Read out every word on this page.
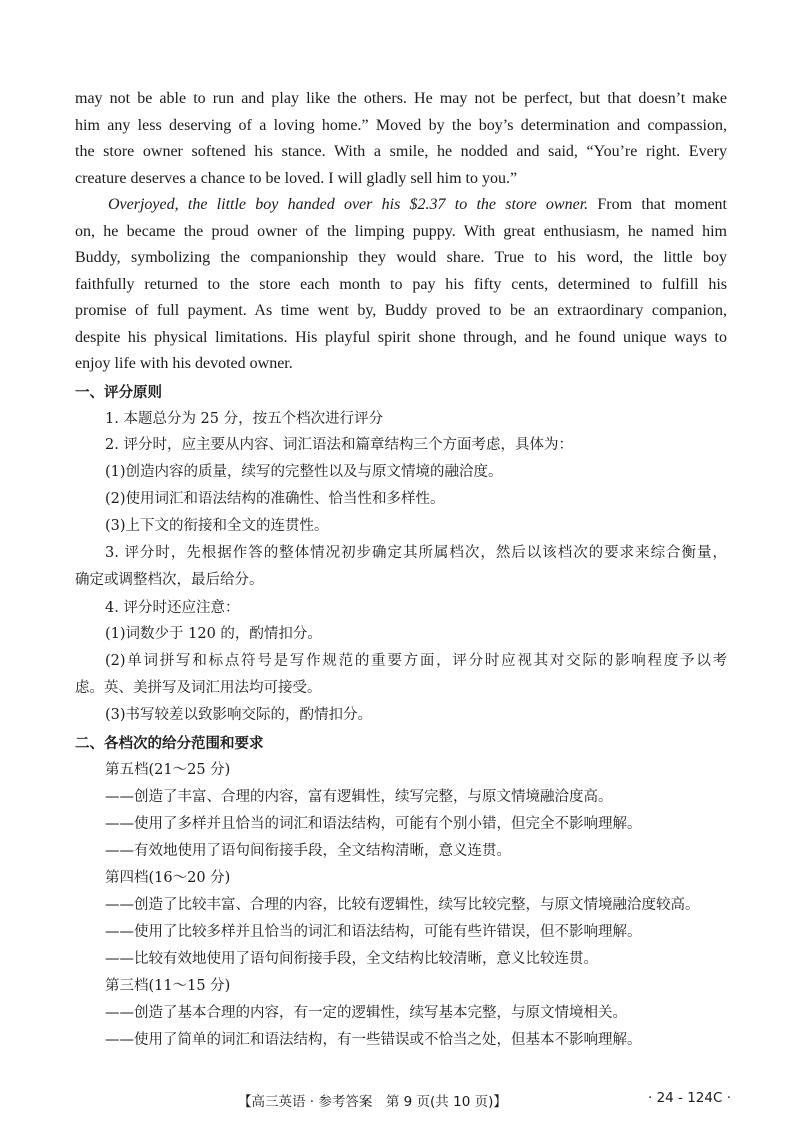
may not be able to run and play like the others. He may not be perfect, but that doesn’t make
him any less deserving of a loving home.” Moved by the boy’s determination and compassion,
the store owner softened his stance. With a smile, he nodded and said, “You’re right. Every
creature deserves a chance to be loved. I will gladly sell him to you.”
Overjoyed, the little boy handed over his $2.37 to the store owner. From that moment
on, he became the proud owner of the limping puppy. With great enthusiasm, he named him
Buddy, symbolizing the companionship they would share. True to his word, the little boy
faithfully returned to the store each month to pay his fifty cents, determined to fulfill his
promise of full payment. As time went by, Buddy proved to be an extraordinary companion,
despite his physical limitations. His playful spirit shone through, and he found unique ways to
enjoy life with his devoted owner.
一、评分原则
1. 本题总分为 25 分，按五个档次进行评分
2. 评分时，应主要从内容、词汇语法和篇章结构三个方面考虑，具体为：
(1)创造内容的质量，续写的完整性以及与原文情境的融洽度。
(2)使用词汇和语法结构的准确性、恰当性和多样性。
(3)上下文的衔接和全文的连贯性。
3. 评分时，先根据作答的整体情况初步确定其所属档次，然后以该档次的要求来综合衡量，
确定或调整档次，最后给分。
4. 评分时还应注意：
(1)词数少于 120 的，酌情扣分。
(2)单词拼写和标点符号是写作规范的重要方面，评分时应视其对交际的影响程度予以考
虑。英、美拼写及词汇用法均可接受。
(3)书写较差以致影响交际的，酌情扣分。
二、各档次的给分范围和要求
第五档(21～25 分)
——创造了丰富、合理的内容，富有逻辑性，续写完整，与原文情境融洽度高。
——使用了多样并且恰当的词汇和语法结构，可能有个别小错，但完全不影响理解。
——有效地使用了语句间衔接手段，全文结构清晰，意义连贯。
第四档(16～20 分)
——创造了比较丰富、合理的内容，比较有逻辑性，续写比较完整，与原文情境融洽度较高。
——使用了比较多样并且恰当的词汇和语法结构，可能有些许错误，但不影响理解。
——比较有效地使用了语句间衔接手段，全文结构比较清晰，意义比较连贯。
第三档(11～15 分)
——创造了基本合理的内容，有一定的逻辑性，续写基本完整，与原文情境相关。
——使用了简单的词汇和语法结构，有一些错误或不恰当之处，但基本不影响理解。
【高三英语 · 参考答案　第 9 页(共 10 页)】	· 24 - 124C ·
